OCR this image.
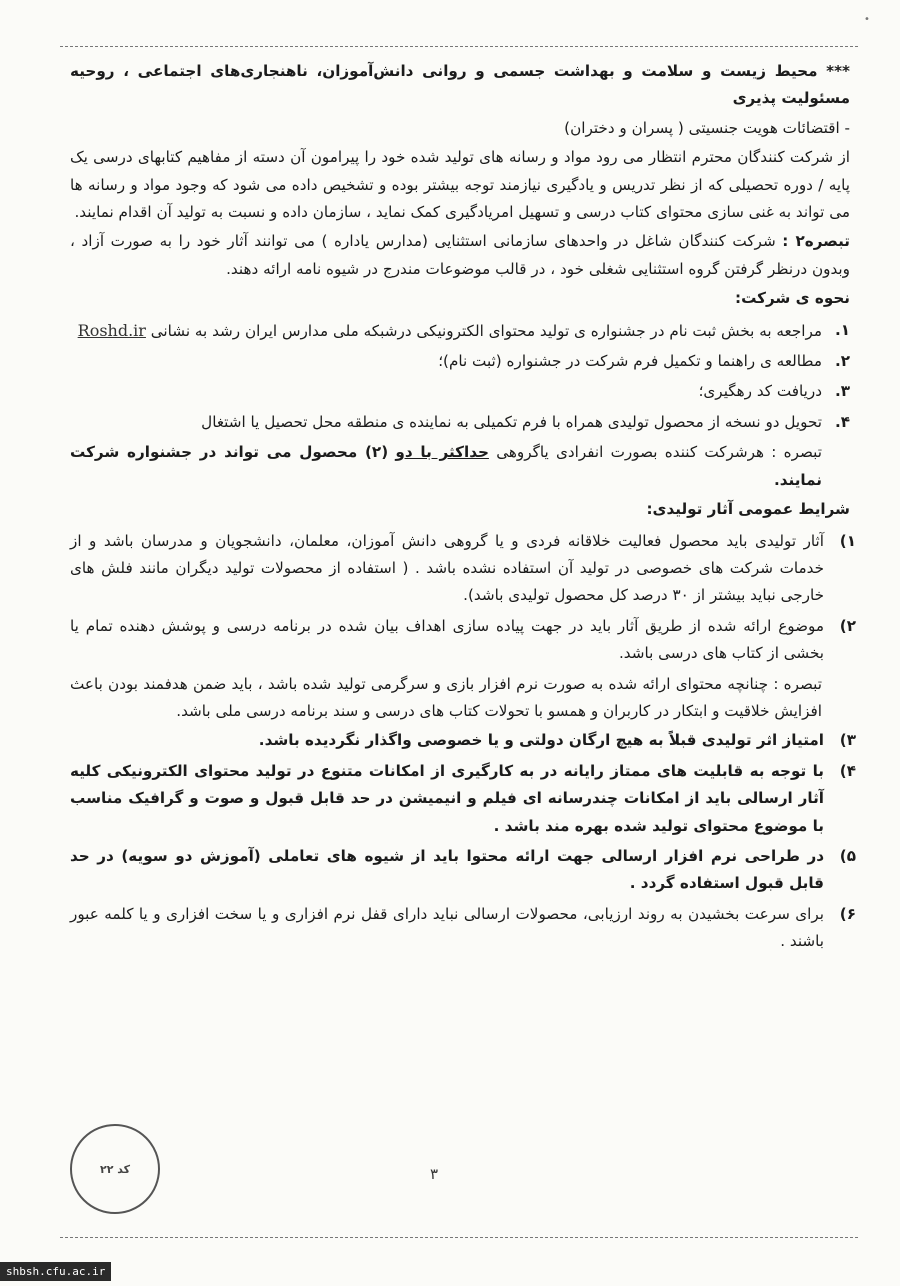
•

*** محیط زیست و سلامت و بهداشت جسمی و روانی دانش‌آموزان، ناهنجاری‌های اجتماعی ، روحیه مسئولیت پذیری

- اقتضائات هویت جنسیتی ( پسران و دختران)

از شرکت کنندگان محترم انتظار می رود مواد و رسانه های تولید شده خود را پیرامون آن دسته از مفاهیم کتابهای درسی یک پایه / دوره تحصیلی که از نظر تدریس و یادگیری نیازمند توجه بیشتر بوده و تشخیص داده می شود که وجود مواد و رسانه ها می تواند به غنی سازی محتوای کتاب درسی و تسهیل امریادگیری کمک نماید ، سازمان داده و نسبت به تولید آن اقدام نمایند.

تبصره۲ : شرکت کنندگان شاغل در واحدهای سازمانی استثنایی (مدارس یاداره ) می توانند آثار خود را به صورت آزاد ، وبدون درنظر گرفتن گروه استثنایی شغلی خود ، در قالب موضوعات مندرج در شیوه نامه ارائه دهند.

نحوه ی شرکت:
۱.
مراجعه به بخش ثبت نام در جشنواره ی تولید محتوای الکترونیکی درشبکه ملی مدارس ایران رشد به نشانی Roshd.ir
۲.
مطالعه ی راهنما و تکمیل فرم شرکت در جشنواره (ثبت نام)؛
۳.
دریافت کد رهگیری؛
۴.
تحویل دو نسخه از محصول تولیدی همراه با فرم تکمیلی به نماینده ی منطقه محل تحصیل یا اشتغال

تبصره : هرشرکت کننده بصورت انفرادی یاگروهی حداکثر با دو (۲) محصول می تواند در جشنواره شرکت نمایند.

شرایط عمومی آثار تولیدی:
۱)
آثار تولیدی باید محصول فعالیت خلاقانه فردی و یا گروهی دانش آموزان، معلمان، دانشجویان و مدرسان باشد و از خدمات شرکت های خصوصی در تولید آن استفاده نشده باشد . ( استفاده از محصولات تولید دیگران مانند فلش های خارجی نباید بیشتر از ۳۰ درصد کل محصول تولیدی باشد).
۲)
موضوع ارائه شده از طریق آثار باید در جهت پیاده سازی اهداف بیان شده در برنامه درسی و پوشش دهنده تمام یا بخشی از کتاب های درسی باشد.

تبصره : چنانچه محتوای ارائه شده به صورت نرم افزار بازی و سرگرمی تولید شده باشد ، باید ضمن هدفمند بودن باعث افزایش خلاقیت و ابتکار در کاربران و همسو با تحولات کتاب های درسی و سند برنامه درسی ملی باشد.

۳)
امتیاز اثر تولیدی قبلاً به هیچ ارگان دولتی و یا خصوصی واگذار نگردیده باشد.
۴)
با توجه به قابلیت های ممتاز رایانه در به کارگیری از امکانات متنوع در تولید محتوای الکترونیکی کلیه آثار ارسالی باید از امکانات چندرسانه ای فیلم و انیمیشن در حد قابل قبول و صوت و گرافیک مناسب با موضوع محتوای تولید شده بهره مند باشد .
۵)
در طراحی نرم افزار ارسالی جهت ارائه محتوا باید از شیوه های تعاملی (آموزش دو سویه) در حد قابل قبول استفاده گردد .
۶)
برای سرعت بخشیدن به روند ارزیابی، محصولات ارسالی نباید دارای قفل نرم افزاری و یا سخت افزاری و یا کلمه عبور باشند .
کد ۲۲	۳
shbsh.cfu.ac.ir
